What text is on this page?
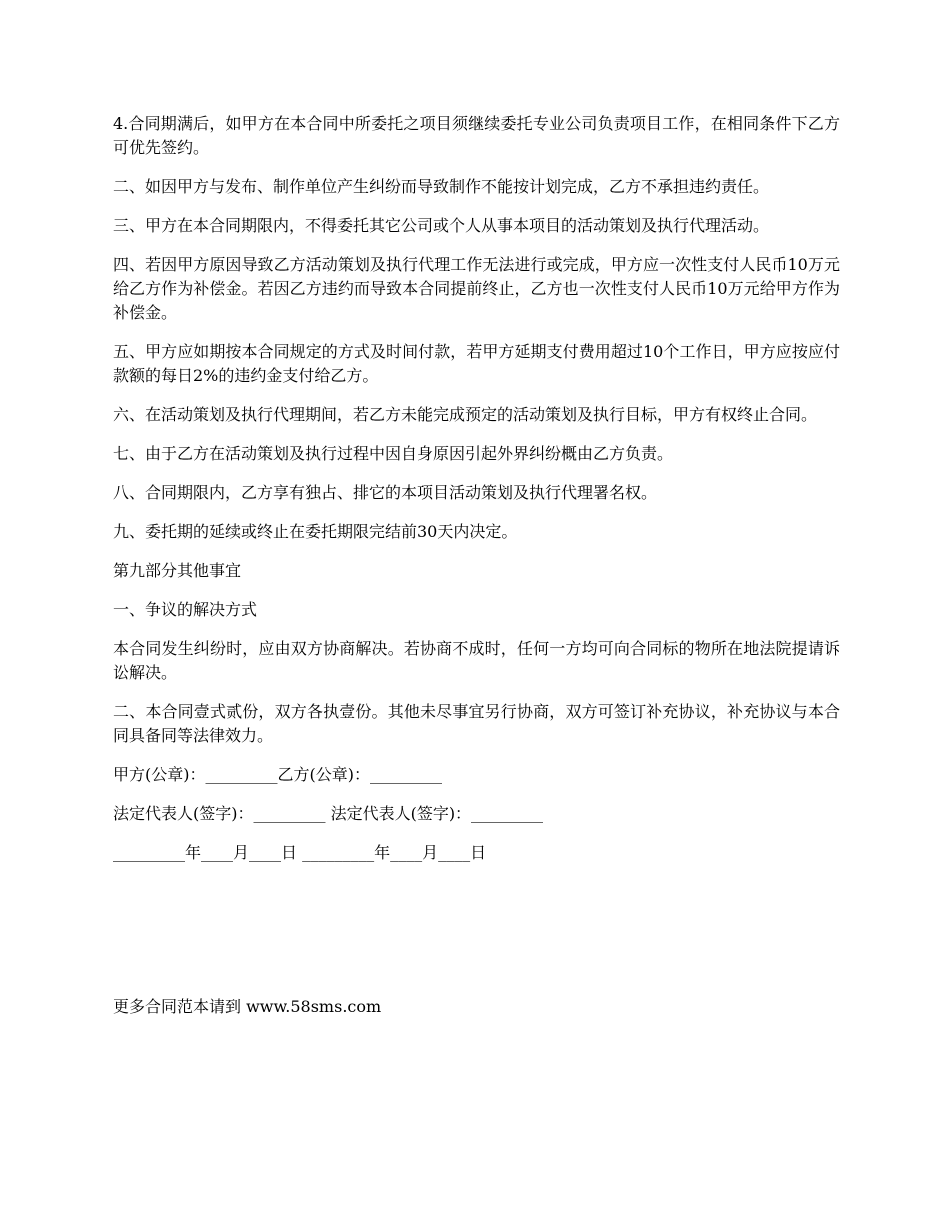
4.合同期满后，如甲方在本合同中所委托之项目须继续委托专业公司负责项目工作，在相同条件下乙方可优先签约。

二、如因甲方与发布、制作单位产生纠纷而导致制作不能按计划完成，乙方不承担违约责任。

三、甲方在本合同期限内，不得委托其它公司或个人从事本项目的活动策划及执行代理活动。

四、若因甲方原因导致乙方活动策划及执行代理工作无法进行或完成，甲方应一次性支付人民币10万元给乙方作为补偿金。若因乙方违约而导致本合同提前终止，乙方也一次性支付人民币10万元给甲方作为补偿金。

五、甲方应如期按本合同规定的方式及时间付款，若甲方延期支付费用超过10个工作日，甲方应按应付款额的每日2%的违约金支付给乙方。

六、在活动策划及执行代理期间，若乙方未能完成预定的活动策划及执行目标，甲方有权终止合同。

七、由于乙方在活动策划及执行过程中因自身原因引起外界纠纷概由乙方负责。

八、合同期限内，乙方享有独占、排它的本项目活动策划及执行代理署名权。

九、委托期的延续或终止在委托期限完结前30天内决定。

第九部分其他事宜

一、争议的解决方式

本合同发生纠纷时，应由双方协商解决。若协商不成时，任何一方均可向合同标的物所在地法院提请诉讼解决。

二、本合同壹式贰份，双方各执壹份。其他未尽事宜另行协商，双方可签订补充协议，补充协议与本合同具备同等法律效力。

甲方(公章)：_________乙方(公章)：_________

法定代表人(签字)：_________ 法定代表人(签字)：_________

_________年____月____日 _________年____月____日

更多合同范本请到 www.58sms.com
